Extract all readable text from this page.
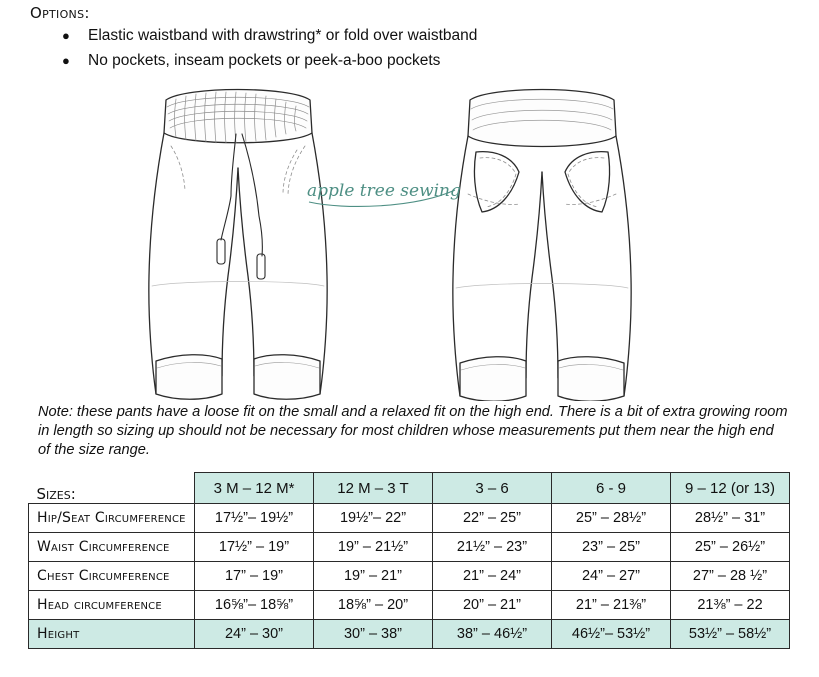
Options:
● Elastic waistband with drawstring* or fold over waistband
● No pockets, inseam pockets or peek-a-boo pockets
apple tree sewing
Note: these pants have a loose fit on the small and a relaxed fit on the high end. There is a bit of extra growing room in length so sizing up should not be necessary for most children whose measurements put them near the high end of the size range.
Sizes:	3 M – 12 M*	12 M – 3 T	3 – 6	6 - 9	9 – 12 (or 13)
Hip/Seat Circumference	17½”– 19½”	19½”– 22”	22” – 25”	25” – 28½”	28½” – 31”
Waist Circumference	17½” – 19”	19” – 21½”	21½” – 23”	23” – 25”	25” – 26½”
Chest Circumference	17” – 19”	19” – 21”	21” – 24”	24” – 27”	27” – 28 ½”
Head circumference	16⅝”– 18⅝”	18⅝” – 20”	20” – 21”	21” – 21⅜”	21⅜” – 22
Height	24” – 30”	30” – 38”	38” – 46½”	46½”– 53½”	53½” – 58½”
